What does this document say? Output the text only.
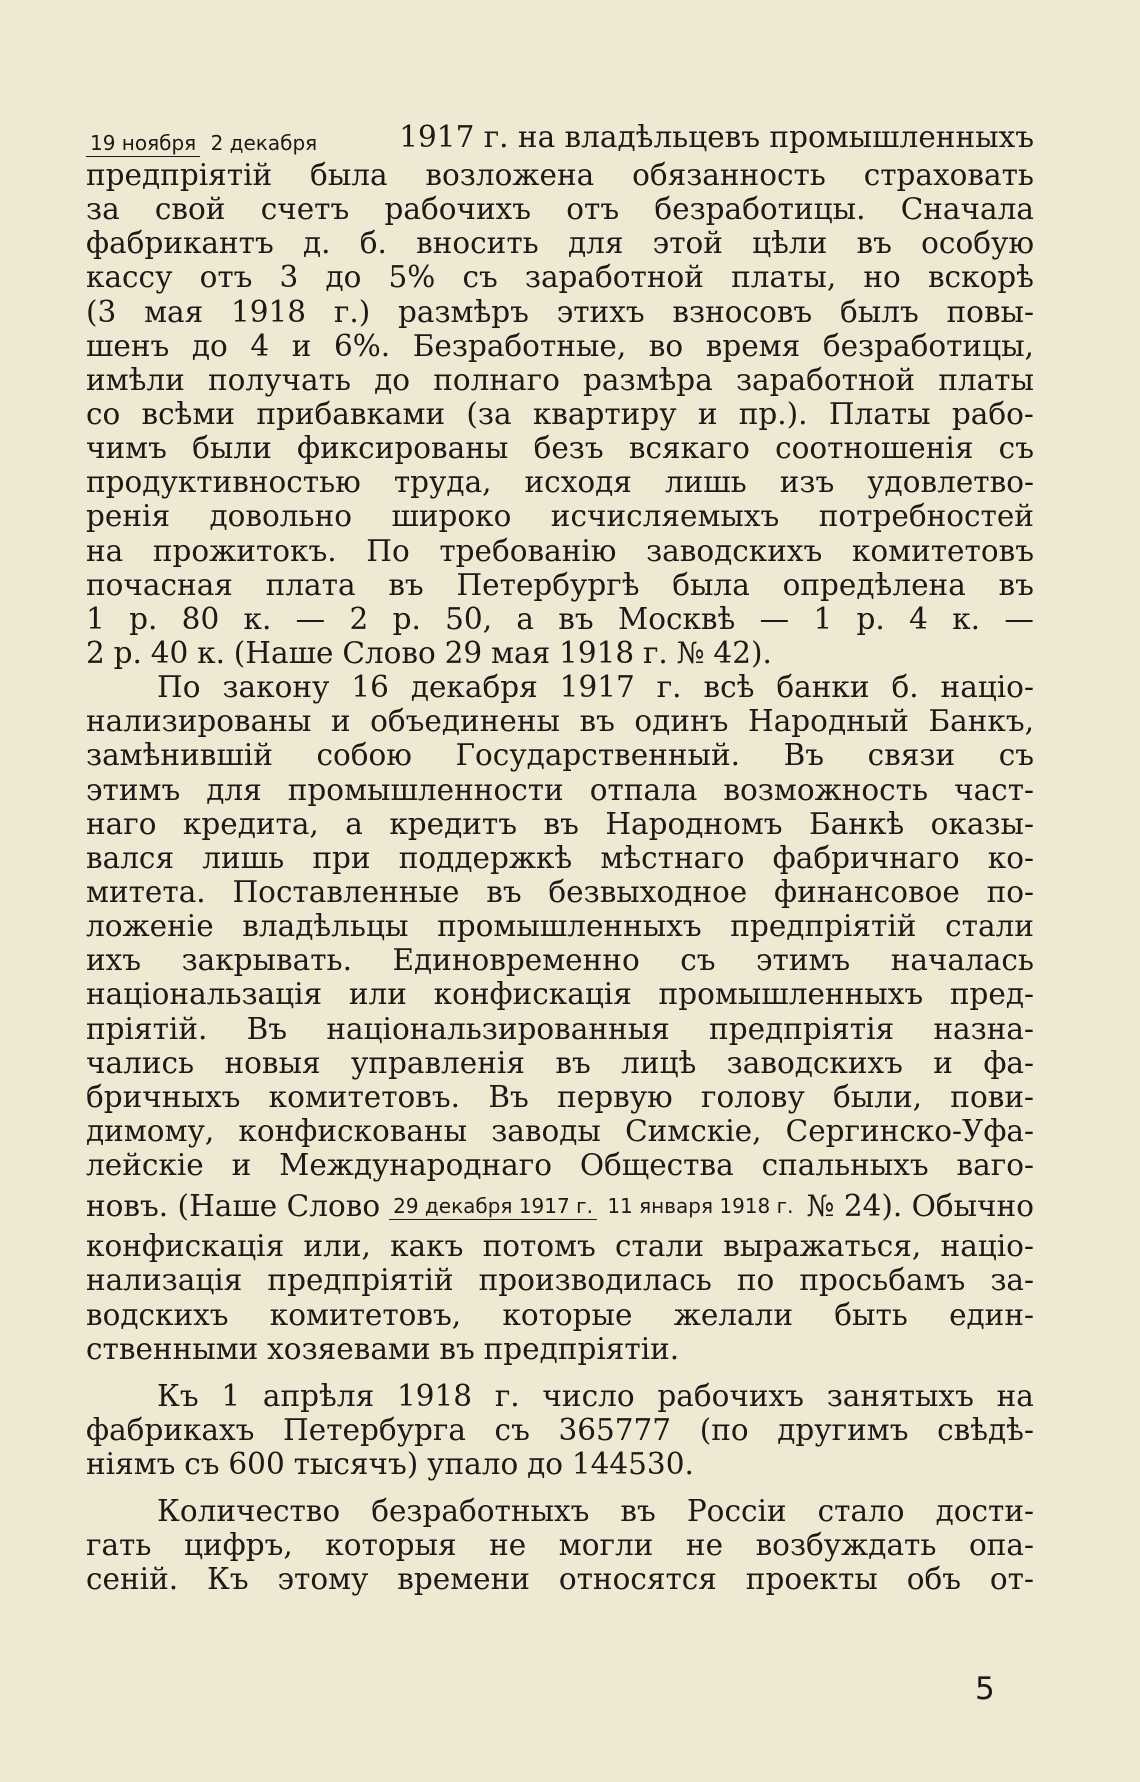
19 ноября 2 декабря	1917 г. на владѣльцевъ промышленныхъ
предпріятій была возложена обязанность страховать
за свой счетъ рабочихъ отъ безработицы. Сначала
фабрикантъ д. б. вносить для этой цѣли въ особую
кассу отъ 3 до 5% съ заработной платы, но вскорѣ
(3 мая 1918 г.) размѣръ этихъ взносовъ былъ повы-
шенъ до 4 и 6%. Безработные, во время безработицы,
имѣли получать до полнаго размѣра заработной платы
со всѣми прибавками (за квартиру и пр.). Платы рабо-
чимъ были фиксированы безъ всякаго соотношенія съ
продуктивностью труда, исходя лишь изъ удовлетво-
ренія довольно широко исчисляемыхъ потребностей
на прожитокъ. По требованію заводскихъ комитетовъ
почасная плата въ Петербургѣ была опредѣлена въ
1 р. 80 к. — 2 р. 50, а въ Москвѣ — 1 р. 4 к. —
2 р. 40 к. (Наше Слово 29 мая 1918 г. № 42).
По закону 16 декабря 1917 г. всѣ банки б. націо-
нализированы и объединены въ одинъ Народный Банкъ,
замѣнившій собою Государственный. Въ связи съ
этимъ для промышленности отпала возможность част-
наго кредита, а кредитъ въ Народномъ Банкѣ оказы-
вался лишь при поддержкѣ мѣстнаго фабричнаго ко-
митета. Поставленные въ безвыходное финансовое по-
ложеніе владѣльцы промышленныхъ предпріятій стали
ихъ закрывать. Единовременно съ этимъ началась
національзація или конфискація промышленныхъ пред-
пріятій. Въ національзированныя предпріятія назна-
чались новыя управленія въ лицѣ заводскихъ и фа-
бричныхъ комитетовъ. Въ первую голову были, пови-
димому, конфискованы заводы Симскіе, Сергинско-Уфа-
лейскіе и Международнаго Общества спальныхъ ваго-
новъ. (Наше Слово 29 декабря 1917 г. 11 января 1918 г. № 24). Обычно
конфискація или, какъ потомъ стали выражаться, націо-
нализація предпріятій производилась по просьбамъ за-
водскихъ комитетовъ, которые желали быть един-
ственными хозяевами въ предпріятіи.
Къ 1 апрѣля 1918 г. число рабочихъ занятыхъ на
фабрикахъ Петербурга съ 365777 (по другимъ свѣдѣ-
ніямъ съ 600 тысячъ) упало до 144530.
Количество безработныхъ въ Россіи стало дости-
гать цифръ, которыя не могли не возбуждать опа-
сеній. Къ этому времени относятся проекты объ от-
5
